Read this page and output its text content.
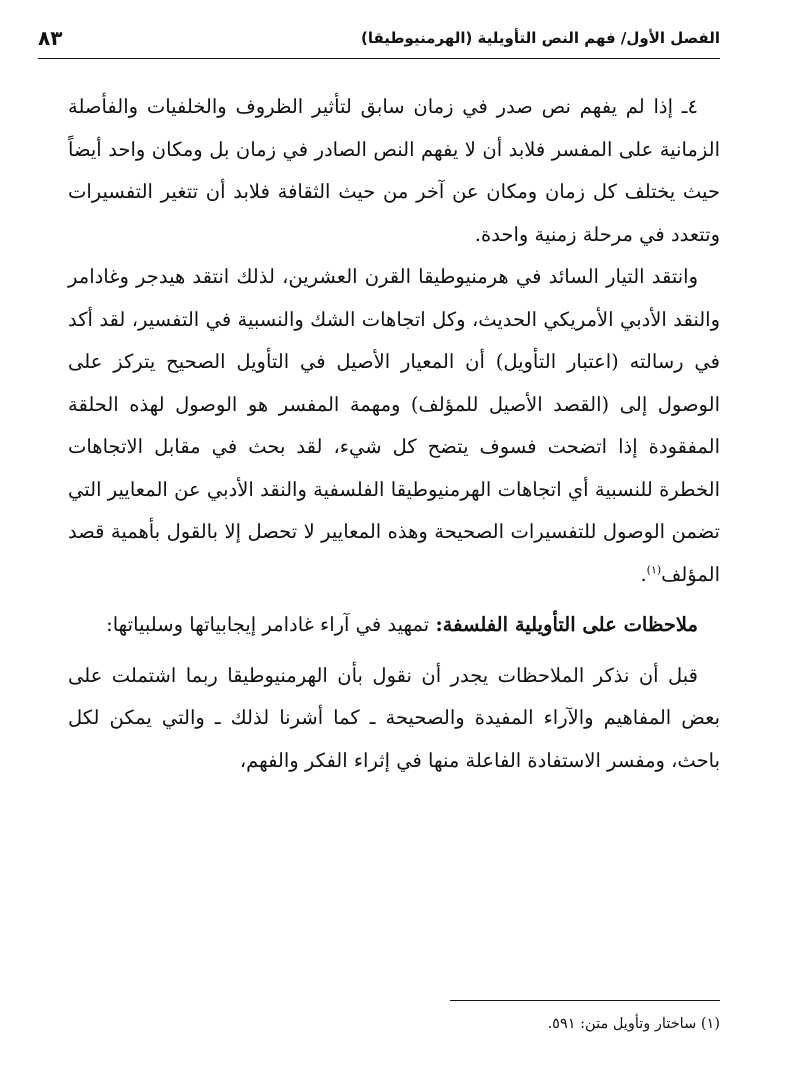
الفصل الأول/ فهم النص التأويلية (الهرمنيوطيقا)
٨٣

٤ـ إذا لم يفهم نص صدر في زمان سابق لتأثير الظروف والخلفيات والفأصلة الزمانية على المفسر فلابد أن لا يفهم النص الصادر في زمان بل ومكان واحد أيضاً حيث يختلف كل زمان ومكان عن آخر من حيث الثقافة فلابد أن تتغير التفسيرات وتتعدد في مرحلة زمنية واحدة.

وانتقد التيار السائد في هرمنيوطيقا القرن العشرين، لذلك انتقد هيدجر وغادامر والنقد الأدبي الأمريكي الحديث، وكل اتجاهات الشك والنسبية في التفسير، لقد أكد في رسالته (اعتبار التأويل) أن المعيار الأصيل في التأويل الصحيح يتركز على الوصول إلى (القصد الأصيل للمؤلف) ومهمة المفسر هو الوصول لهذه الحلقة المفقودة إذا اتضحت فسوف يتضح كل شيء، لقد بحث في مقابل الاتجاهات الخطرة للنسبية أي اتجاهات الهرمنيوطيقا الفلسفية والنقد الأدبي عن المعايير التي تضمن الوصول للتفسيرات الصحيحة وهذه المعايير لا تحصل إلا بالقول بأهمية قصد المؤلف$^{(١)}$.

ملاحظات على التأويلية الفلسفة: تمهيد في آراء غادامر إيجابياتها وسلبياتها:

قبل أن نذكر الملاحظات يجدر أن نقول بأن الهرمنيوطيقا ربما اشتملت على بعض المفاهيم والآراء المفيدة والصحيحة ـ كما أشرنا لذلك ـ والتي يمكن لكل باحث، ومفسر الاستفادة الفاعلة منها في إثراء الفكر والفهم،

(١) ساختار وتأويل متن: ٥٩١.
